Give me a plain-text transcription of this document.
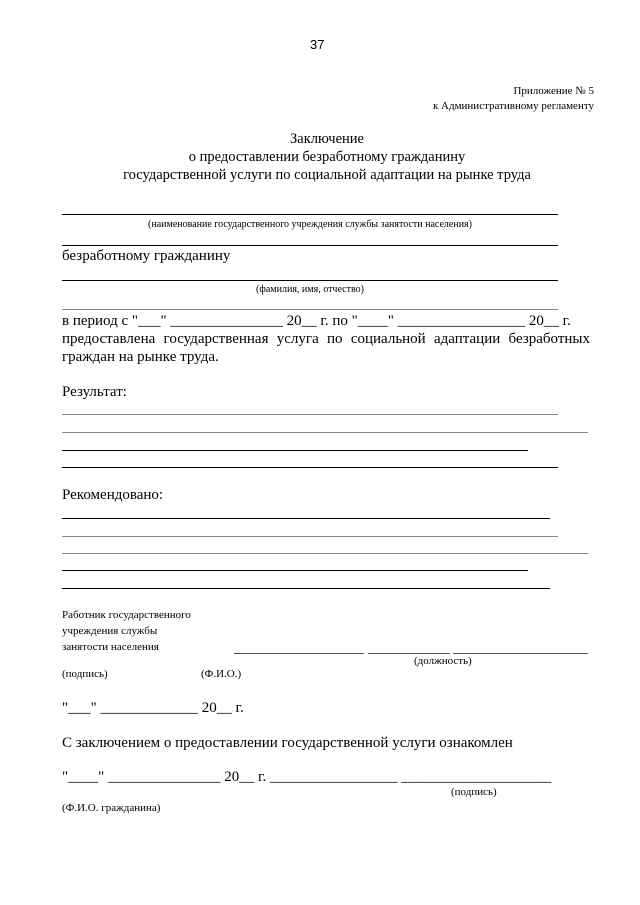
37
Приложение № 5
к Административному регламенту
Заключение
о предоставлении безработному гражданину
государственной услуги по социальной адаптации на рынке труда
(наименование государственного учреждения службы занятости населения)
безработному гражданину
(фамилия, имя, отчество)
в период с "___" _______________ 20__ г. по "____" _________________ 20__ г.
предоставлена государственная услуга по социальной адаптации безработных
граждан на рынке труда.
Результат:
Рекомендовано:
Работник государственного
учреждения службы
занятости населения
(должность)
(подпись)	(Ф.И.О.)
"___" _____________ 20__ г.
С заключением о предоставлении государственной услуги ознакомлен
"____" _______________ 20__ г. _________________ ____________________
(подпись)
(Ф.И.О. гражданина)
